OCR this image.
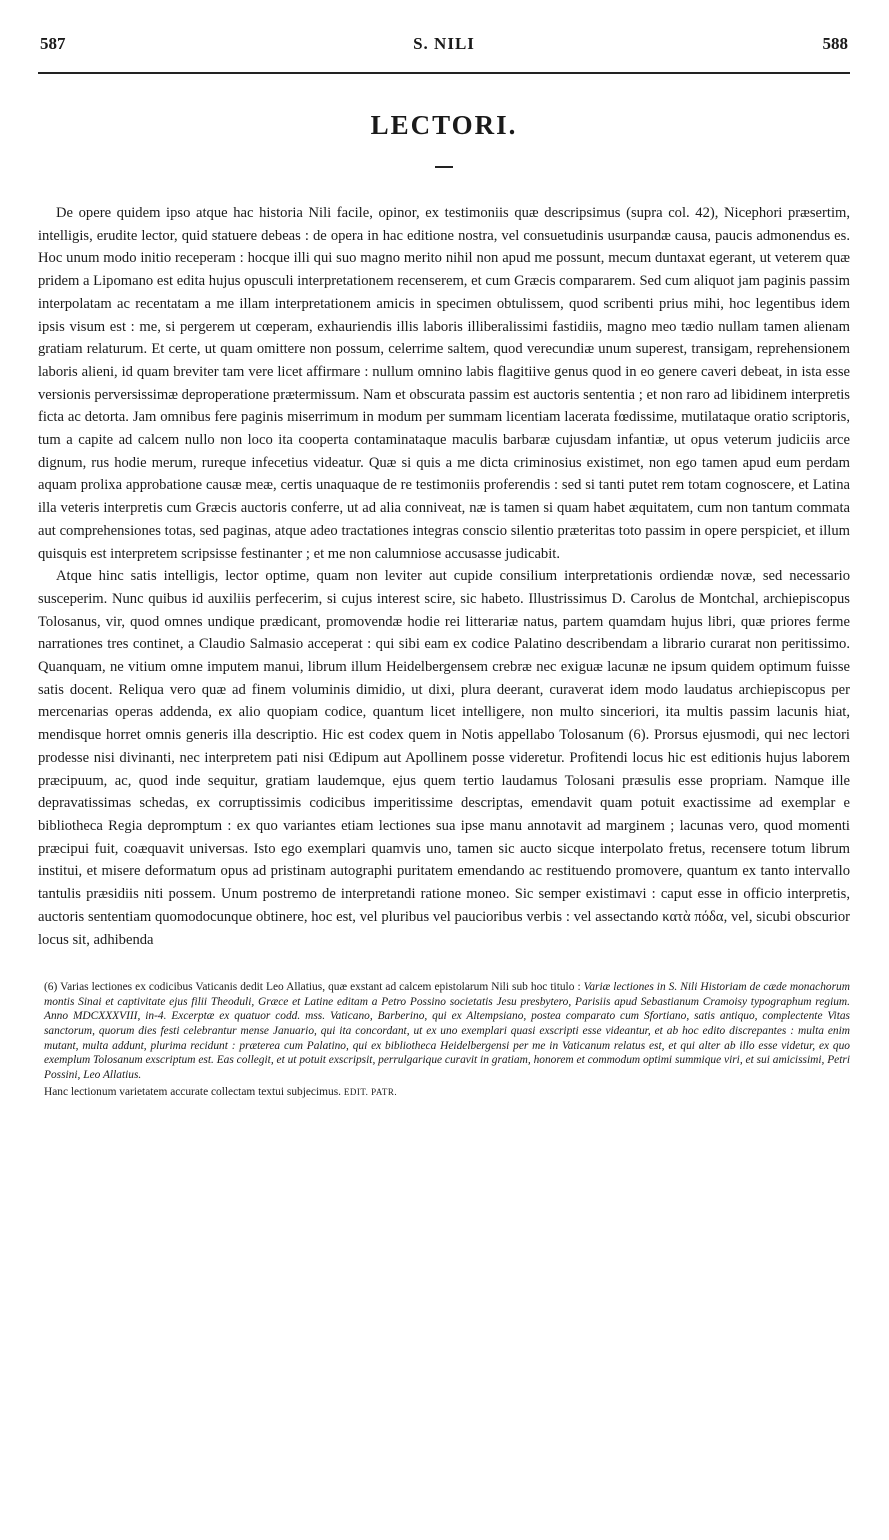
587	S. NILI	588
LECTORI.

De opere quidem ipso atque hac historia Nili facile, opinor, ex testimoniis quæ descripsimus (supra col. 42), Nicephori præsertim, intelligis, erudite lector, quid statuere debeas : de opera in hac editione nostra, vel consuetudinis usurpandæ causa, paucis admonendus es. Hoc unum modo initio receperam : hocque illi qui suo magno merito nihil non apud me possunt, mecum duntaxat egerant, ut veterem quæ pridem a Lipomano est edita hujus opusculi interpretationem recenserem, et cum Græcis compararem. Sed cum aliquot jam paginis passim interpolatam ac recentatam a me illam interpretationem amicis in specimen obtulissem, quod scribenti prius mihi, hoc legentibus idem ipsis visum est : me, si pergerem ut cœperam, exhauriendis illis laboris illiberalissimi fastidiis, magno meo tædio nullam tamen alienam gratiam relaturum. Et certe, ut quam omittere non possum, celerrime saltem, quod verecundiæ unum superest, transigam, reprehensionem laboris alieni, id quam breviter tam vere licet affirmare : nullum omnino labis flagitiive genus quod in eo genere caveri debeat, in ista esse versionis perversissimæ deproperatione prætermissum. Nam et obscurata passim est auctoris sententia ; et non raro ad libidinem interpretis ficta ac detorta. Jam omnibus fere paginis miserrimum in modum per summam licentiam lacerata fœdissime, mutilataque oratio scriptoris, tum a capite ad calcem nullo non loco ita cooperta contaminataque maculis barbaræ cujusdam infantiæ, ut opus veterum judiciis arce dignum, rus hodie merum, rureque infecetius videatur. Quæ si quis a me dicta criminosius existimet, non ego tamen apud eum perdam aquam prolixa approbatione causæ meæ, certis unaquaque de re testimoniis proferendis : sed si tanti putet rem totam cognoscere, et Latina illa veteris interpretis cum Græcis auctoris conferre, ut ad alia conniveat, næ is tamen si quam habet æquitatem, cum non tantum commata aut comprehensiones totas, sed paginas, atque adeo tractationes integras conscio silentio præteritas toto passim in opere perspiciet, et illum quisquis est interpretem scripsisse festinanter ; et me non calumniose accusasse judicabit.

Atque hinc satis intelligis, lector optime, quam non leviter aut cupide consilium interpretationis ordiendæ novæ, sed necessario susceperim. Nunc quibus id auxiliis perfecerim, si cujus interest scire, sic habeto. Illustrissimus D. Carolus de Montchal, archiepiscopus Tolosanus, vir, quod omnes undique prædicant, promovendæ hodie rei litterariæ natus, partem quamdam hujus libri, quæ priores ferme narrationes tres continet, a Claudio Salmasio acceperat : qui sibi eam ex codice Palatino describendam a librario curarat non peritissimo. Quanquam, ne vitium omne imputem manui, librum illum Heidelbergensem crebræ nec exiguæ lacunæ ne ipsum quidem optimum fuisse satis docent. Reliqua vero quæ ad finem voluminis dimidio, ut dixi, plura deerant, curaverat idem modo laudatus archiepiscopus per mercenarias operas addenda, ex alio quopiam codice, quantum licet intelligere, non multo sinceriori, ita multis passim lacunis hiat, mendisque horret omnis generis illa descriptio. Hic est codex quem in Notis appellabo Tolosanum (6). Prorsus ejusmodi, qui nec lectori prodesse nisi divinanti, nec interpretem pati nisi Œdipum aut Apollinem posse videretur. Profitendi locus hic est editionis hujus laborem præcipuum, ac, quod inde sequitur, gratiam laudemque, ejus quem tertio laudamus Tolosani præsulis esse propriam. Namque ille depravatissimas schedas, ex corruptissimis codicibus imperitissime descriptas, emendavit quam potuit exactissime ad exemplar e bibliotheca Regia depromptum : ex quo variantes etiam lectiones sua ipse manu annotavit ad marginem ; lacunas vero, quod momenti præcipui fuit, coæquavit universas. Isto ego exemplari quamvis uno, tamen sic aucto sicque interpolato fretus, recensere totum librum institui, et misere deformatum opus ad pristinam autographi puritatem emendando ac restituendo promovere, quantum ex tanto intervallo tantulis præsidiis niti possem. Unum postremo de interpretandi ratione moneo. Sic semper existimavi : caput esse in officio interpretis, auctoris sententiam quomodocunque obtinere, hoc est, vel pluribus vel paucioribus verbis : vel assectando κατὰ πόδα, vel, sicubi obscurior locus sit, adhibenda

(6) Varias lectiones ex codicibus Vaticanis dedit Leo Allatius, quæ exstant ad calcem epistolarum Nili sub hoc titulo : Variæ lectiones in S. Nili Historiam de cæde monachorum montis Sinai et captivitate ejus filii Theoduli, Græce et Latine editam a Petro Possino societatis Jesu presbytero, Parisiis apud Sebastianum Cramoisy typographum regium. Anno MDCXXXVIII, in-4. Excerptæ ex quatuor codd. mss. Vaticano, Barberino, qui ex Altempsiano, postea comparato cum Sfortiano, satis antiquo, complectente Vitas sanctorum, quorum dies festi celebrantur mense Januario, qui ita concordant, ut ex uno exemplari quasi exscripti esse videantur, et ab hoc edito discrepantes : multa enim mutant, multa addunt, plurima recidunt : præterea cum Palatino, qui ex bibliotheca Heidelbergensi per me in Vaticanum relatus est, et qui alter ab illo esse videtur, ex quo exemplum Tolosanum exscriptum est. Eas collegit, et ut potuit exscripsit, perrulgarique curavit in gratiam, honorem et commodum optimi summique viri, et sui amicissimi, Petri Possini, Leo Allatius.
Hanc lectionum varietatem accurate collectam textui subjecimus. EDIT. PATR.
